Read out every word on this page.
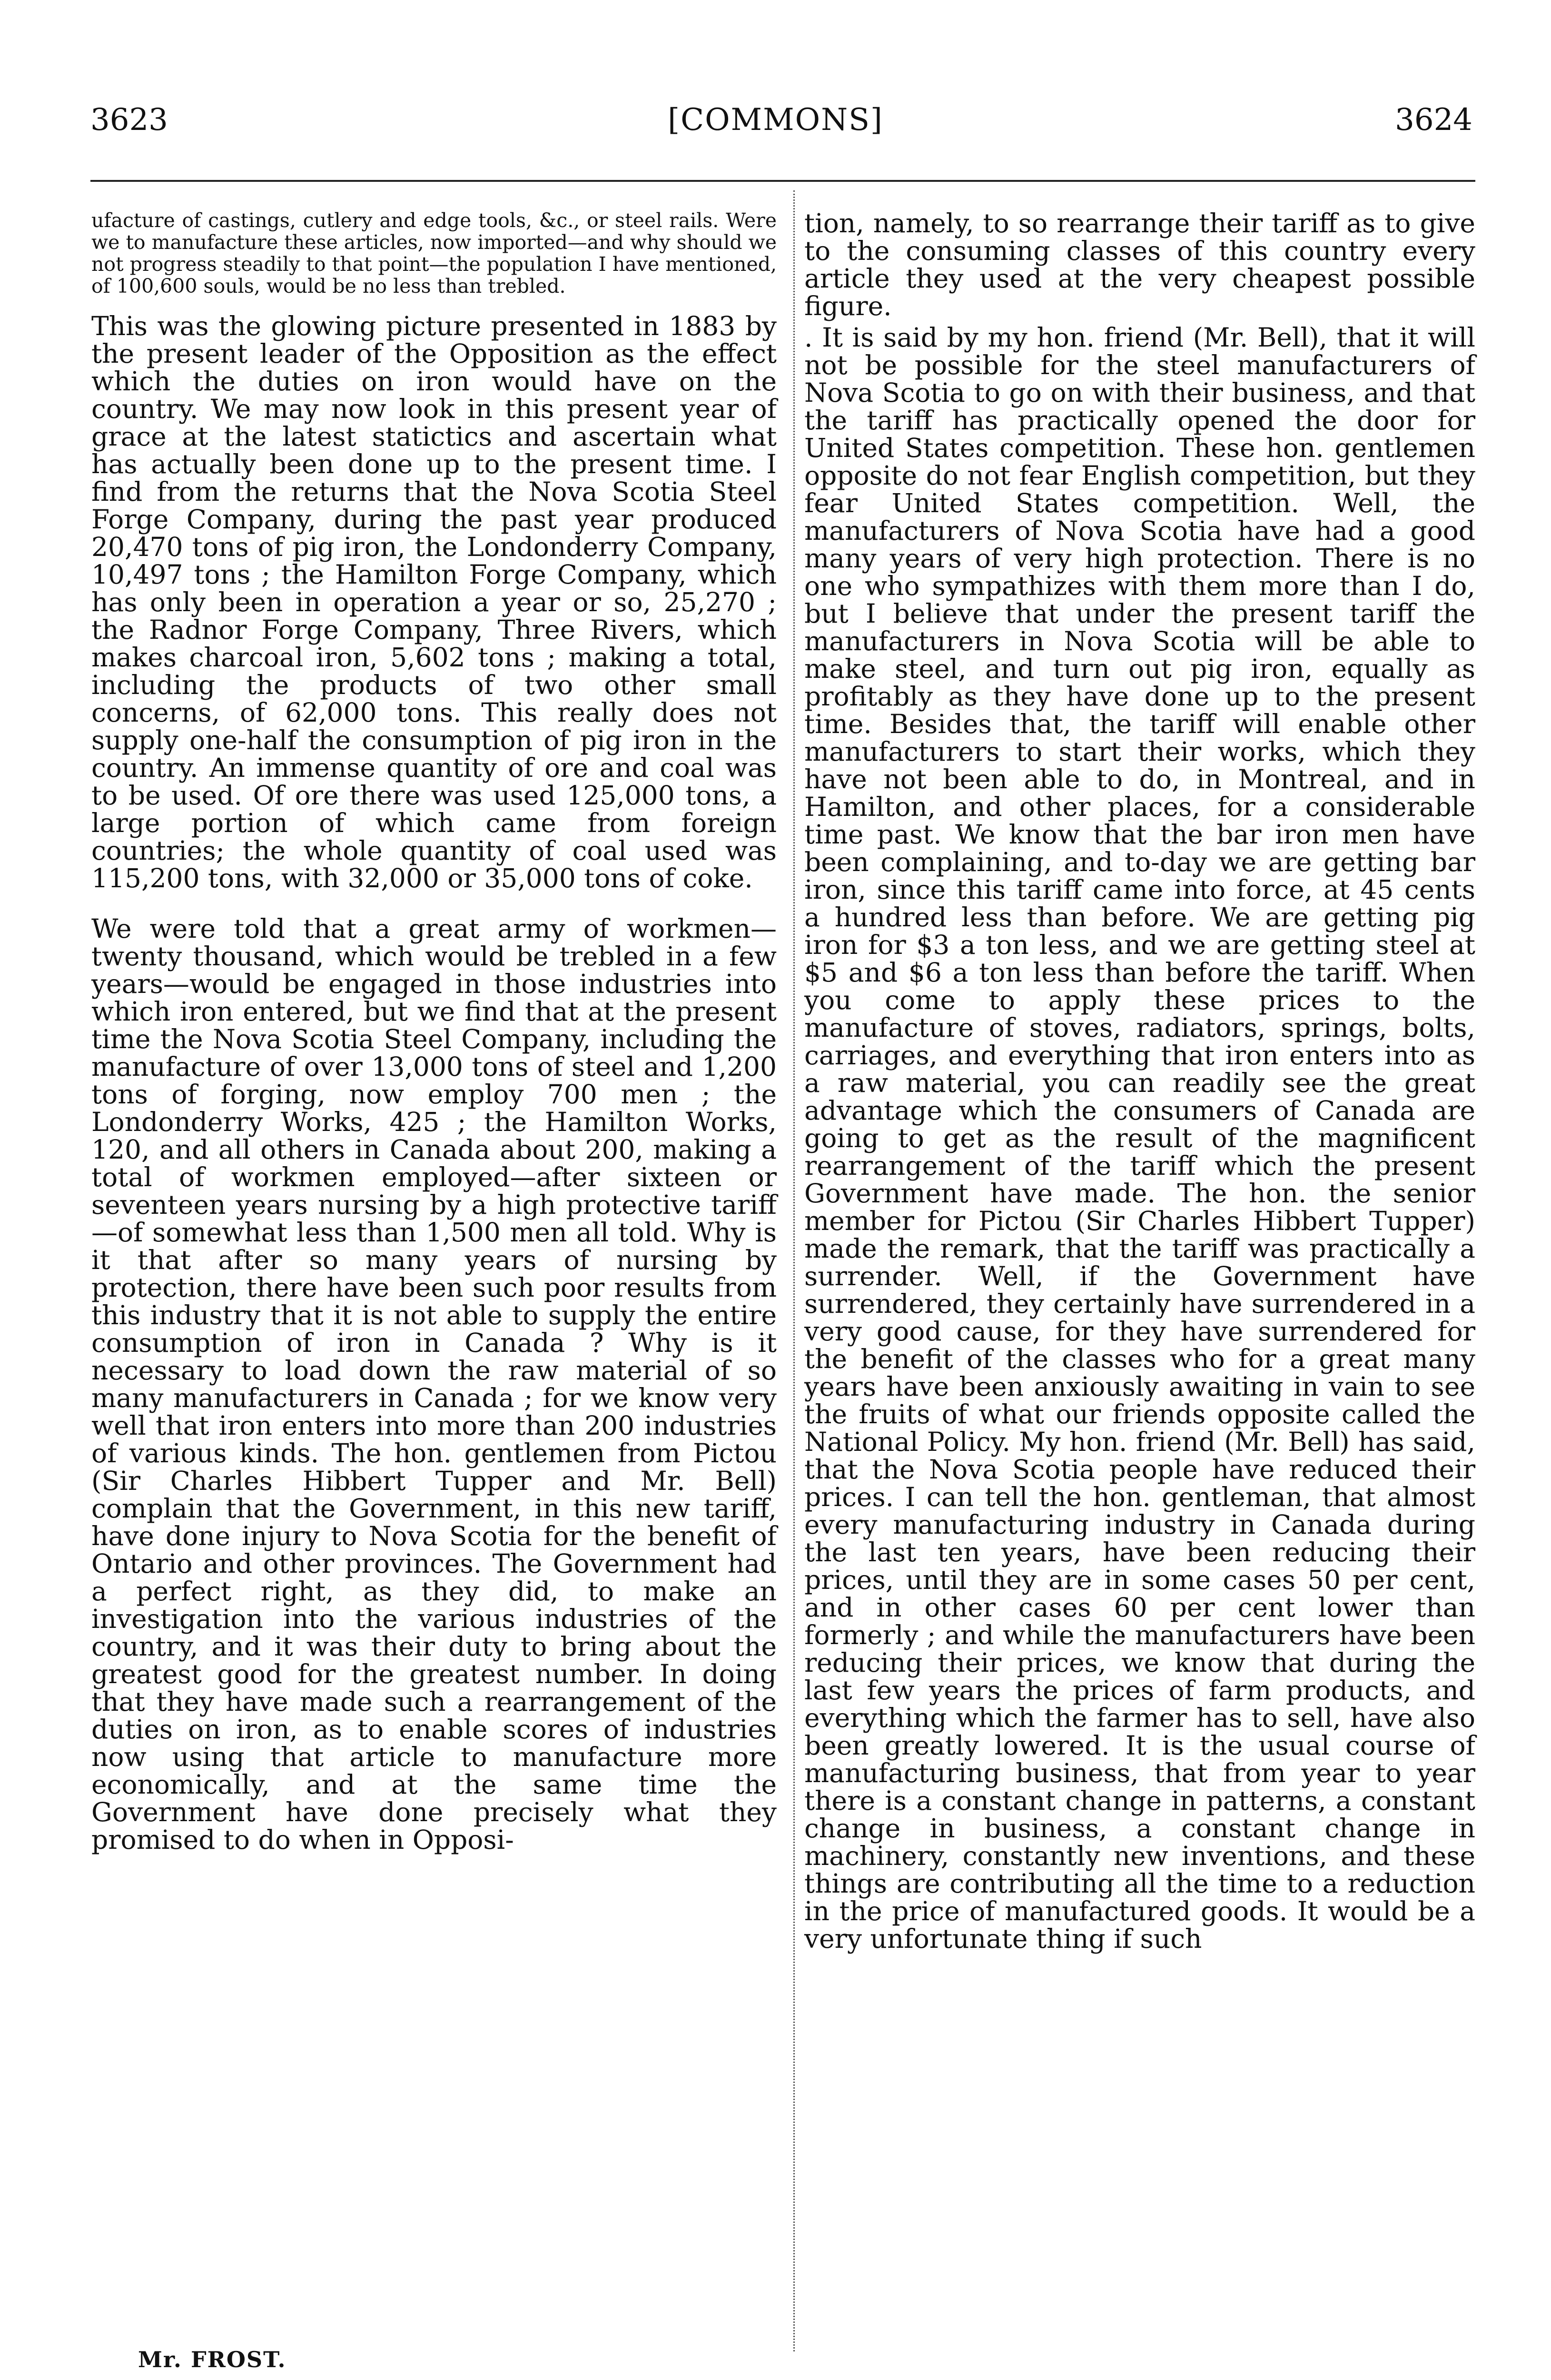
3623	[COMMONS]	3624

ufacture of castings, cutlery and edge tools, &c., or steel rails. Were we to manufacture these articles, now imported—and why should we not progress steadily to that point—the population I have mentioned, of 100,600 souls, would be no less than trebled.

This was the glowing picture presented in 1883 by the present leader of the Opposition as the effect which the duties on iron would have on the country. We may now look in this present year of grace at the latest statictics and ascertain what has actually been done up to the present time. I find from the returns that the Nova Scotia Steel Forge Company, during the past year produced 20,470 tons of pig iron, the Londonderry Company, 10,497 tons ; the Hamilton Forge Company, which has only been in operation a year or so, 25,270 ; the Radnor Forge Company, Three Rivers, which makes charcoal iron, 5,602 tons ; making a total, including the products of two other small concerns, of 62,000 tons. This really does not supply one-half the consumption of pig iron in the country. An immense quantity of ore and coal was to be used. Of ore there was used 125,000 tons, a large portion of which came from foreign countries; the whole quantity of coal used was 115,200 tons, with 32,000 or 35,000 tons of coke.

We were told that a great army of workmen—twenty thousand, which would be trebled in a few years—would be engaged in those industries into which iron entered, but we find that at the present time the Nova Scotia Steel Company, including the manufacture of over 13,000 tons of steel and 1,200 tons of forging, now employ 700 men ; the Londonderry Works, 425 ; the Hamilton Works, 120, and all others in Canada about 200, making a total of workmen employed—after sixteen or seventeen years nursing by a high protective tariff—of somewhat less than 1,500 men all told. Why is it that after so many years of nursing by protection, there have been such poor results from this industry that it is not able to supply the entire consumption of iron in Canada ? Why is it necessary to load down the raw material of so many manufacturers in Canada ; for we know very well that iron enters into more than 200 industries of various kinds. The hon. gentlemen from Pictou (Sir Charles Hibbert Tupper and Mr. Bell) complain that the Government, in this new tariff, have done injury to Nova Scotia for the benefit of Ontario and other provinces. The Government had a perfect right, as they did, to make an investigation into the various industries of the country, and it was their duty to bring about the greatest good for the greatest number. In doing that they have made such a rearrangement of the duties on iron, as to enable scores of industries now using that article to manufacture more economically, and at the same time the Government have done precisely what they promised to do when in Opposi-

tion, namely, to so rearrange their tariff as to give to the consuming classes of this country every article they used at the very cheapest possible figure.

. It is said by my hon. friend (Mr. Bell), that it will not be possible for the steel manufacturers of Nova Scotia to go on with their business, and that the tariff has practically opened the door for United States competition. These hon. gentlemen opposite do not fear English competition, but they fear United States competition. Well, the manufacturers of Nova Scotia have had a good many years of very high protection. There is no one who sympathizes with them more than I do, but I believe that under the present tariff the manufacturers in Nova Scotia will be able to make steel, and turn out pig iron, equally as profitably as they have done up to the present time. Besides that, the tariff will enable other manufacturers to start their works, which they have not been able to do, in Montreal, and in Hamilton, and other places, for a considerable time past. We know that the bar iron men have been complaining, and to-day we are getting bar iron, since this tariff came into force, at 45 cents a hundred less than before. We are getting pig iron for $3 a ton less, and we are getting steel at $5 and $6 a ton less than before the tariff. When you come to apply these prices to the manufacture of stoves, radiators, springs, bolts, carriages, and everything that iron enters into as a raw material, you can readily see the great advantage which the consumers of Canada are going to get as the result of the magnificent rearrangement of the tariff which the present Government have made. The hon. the senior member for Pictou (Sir Charles Hibbert Tupper) made the remark, that the tariff was practically a surrender. Well, if the Government have surrendered, they certainly have surrendered in a very good cause, for they have surrendered for the benefit of the classes who for a great many years have been anxiously awaiting in vain to see the fruits of what our friends opposite called the National Policy. My hon. friend (Mr. Bell) has said, that the Nova Scotia people have reduced their prices. I can tell the hon. gentleman, that almost every manufacturing industry in Canada during the last ten years, have been reducing their prices, until they are in some cases 50 per cent, and in other cases 60 per cent lower than formerly ; and while the manufacturers have been reducing their prices, we know that during the last few years the prices of farm products, and everything which the farmer has to sell, have also been greatly lowered. It is the usual course of manufacturing business, that from year to year there is a constant change in patterns, a constant change in business, a constant change in machinery, constantly new inventions, and these things are contributing all the time to a reduction in the price of manufactured goods. It would be a very unfortunate thing if such

Mr. FROST.
